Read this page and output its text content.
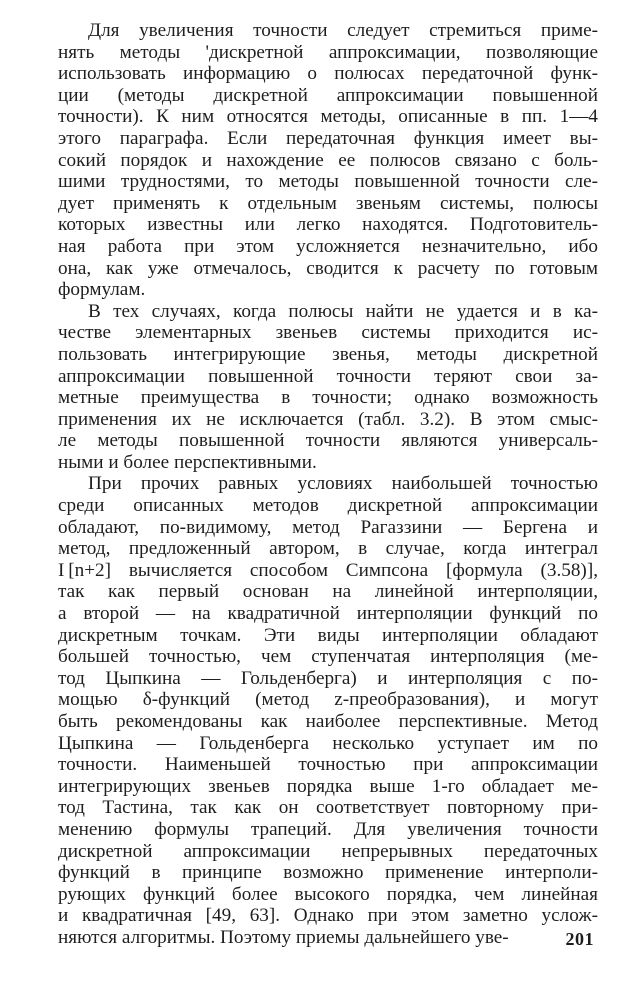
Для увеличения точности следует стремиться приме-
нять методы 'дискретной аппроксимации, позволяющие
использовать информацию о полюсах передаточной функ-
ции (методы дискретной аппроксимации повышенной
точности). К ним относятся методы, описанные в пп. 1—4
этого параграфа. Если передаточная функция имеет вы-
сокий порядок и нахождение ее полюсов связано с боль-
шими трудностями, то методы повышенной точности сле-
дует применять к отдельным звеньям системы, полюсы
которых известны или легко находятся. Подготовитель-
ная работа при этом усложняется незначительно, ибо
она, как уже отмечалось, сводится к расчету по готовым
формулам.
В тех случаях, когда полюсы найти не удается и в ка-
честве элементарных звеньев системы приходится ис-
пользовать интегрирующие звенья, методы дискретной
аппроксимации повышенной точности теряют свои за-
метные преимущества в точности; однако возможность
применения их не исключается (табл. 3.2). В этом смыс-
ле методы повышенной точности являются универсаль-
ными и более перспективными.
При прочих равных условиях наибольшей точностью
среди описанных методов дискретной аппроксимации
обладают, по-видимому, метод Рагаззини — Бергена и
метод, предложенный автором, в случае, когда интеграл
I [n+2] вычисляется способом Симпсона [формула (3.58)],
так как первый основан на линейной интерполяции,
а второй — на квадратичной интерполяции функций по
дискретным точкам. Эти виды интерполяции обладают
большей точностью, чем ступенчатая интерполяция (ме-
тод Цыпкина — Гольденберга) и интерполяция с по-
мощью δ-функций (метод z-преобразования), и могут
быть рекомендованы как наиболее перспективные. Метод
Цыпкина — Гольденберга несколько уступает им по
точности. Наименьшей точностью при аппроксимации
интегрирующих звеньев порядка выше 1-го обладает ме-
тод Тастина, так как он соответствует повторному при-
менению формулы трапеций. Для увеличения точности
дискретной аппроксимации непрерывных передаточных
функций в принципе возможно применение интерполи-
рующих функций более высокого порядка, чем линейная
и квадратичная [49, 63]. Однако при этом заметно услож-
няются алгоритмы. Поэтому приемы дальнейшего уве-	201
